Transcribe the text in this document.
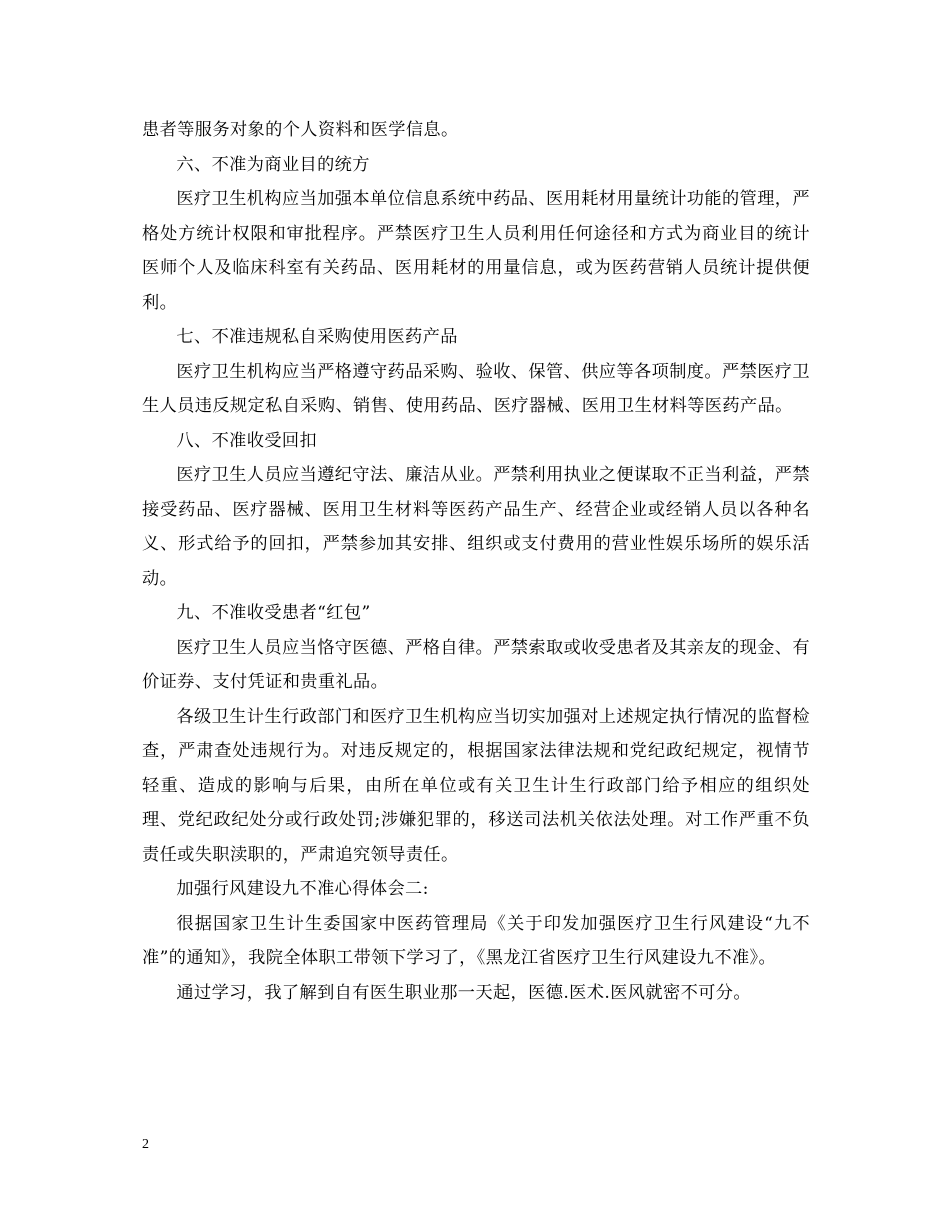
患者等服务对象的个人资料和医学信息。

六、不准为商业目的统方

医疗卫生机构应当加强本单位信息系统中药品、医用耗材用量统计功能的管理，严格处方统计权限和审批程序。严禁医疗卫生人员利用任何途径和方式为商业目的统计医师个人及临床科室有关药品、医用耗材的用量信息，或为医药营销人员统计提供便利。

七、不准违规私自采购使用医药产品

医疗卫生机构应当严格遵守药品采购、验收、保管、供应等各项制度。严禁医疗卫生人员违反规定私自采购、销售、使用药品、医疗器械、医用卫生材料等医药产品。

八、不准收受回扣

医疗卫生人员应当遵纪守法、廉洁从业。严禁利用执业之便谋取不正当利益，严禁接受药品、医疗器械、医用卫生材料等医药产品生产、经营企业或经销人员以各种名义、形式给予的回扣，严禁参加其安排、组织或支付费用的营业性娱乐场所的娱乐活动。

九、不准收受患者“红包”

医疗卫生人员应当恪守医德、严格自律。严禁索取或收受患者及其亲友的现金、有价证券、支付凭证和贵重礼品。

各级卫生计生行政部门和医疗卫生机构应当切实加强对上述规定执行情况的监督检查，严肃查处违规行为。对违反规定的，根据国家法律法规和党纪政纪规定，视情节轻重、造成的影响与后果，由所在单位或有关卫生计生行政部门给予相应的组织处理、党纪政纪处分或行政处罚;涉嫌犯罪的，移送司法机关依法处理。对工作严重不负责任或失职渎职的，严肃追究领导责任。

加强行风建设九不准心得体会二:

很据国家卫生计生委国家中医药管理局《关于印发加强医疗卫生行风建设“九不准”的通知》，我院全体职工带领下学习了，《黑龙江省医疗卫生行风建设九不准》。

通过学习，我了解到自有医生职业那一天起，医德.医术.医风就密不可分。

2
